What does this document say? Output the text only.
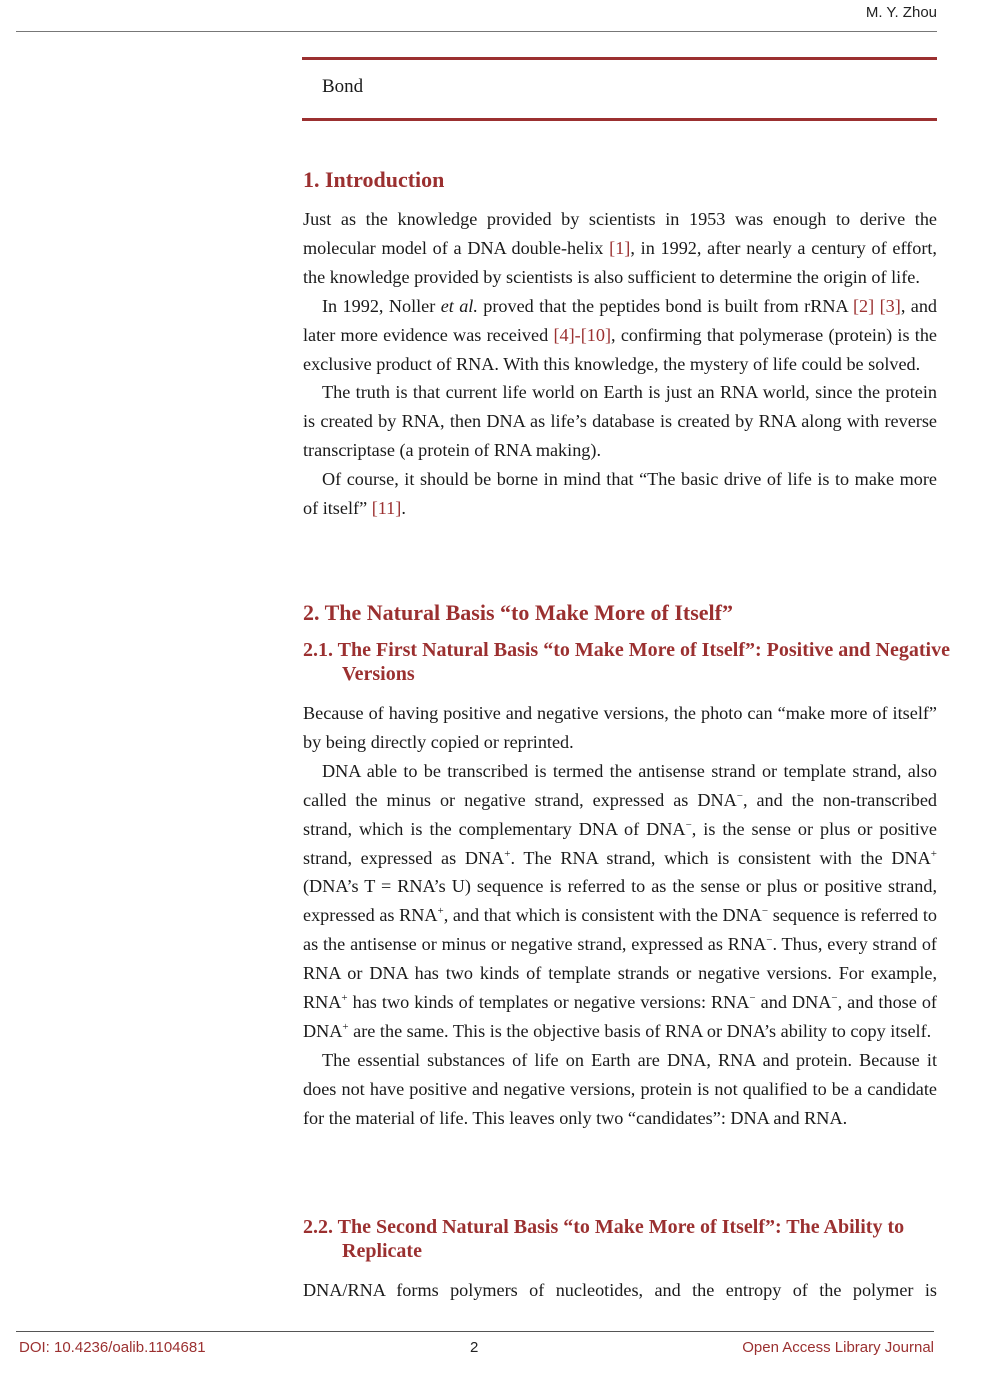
M. Y. Zhou
Bond
1. Introduction

Just as the knowledge provided by scientists in 1953 was enough to derive the molecular model of a DNA double-helix [1], in 1992, after nearly a century of effort, the knowledge provided by scientists is also sufficient to determine the origin of life.

In 1992, Noller et al. proved that the peptides bond is built from rRNA [2] [3], and later more evidence was received [4]-[10], confirming that polymerase (protein) is the exclusive product of RNA. With this knowledge, the mystery of life could be solved.

The truth is that current life world on Earth is just an RNA world, since the protein is created by RNA, then DNA as life’s database is created by RNA along with reverse transcriptase (a protein of RNA making).

Of course, it should be borne in mind that “The basic drive of life is to make more of itself” [11].

2. The Natural Basis “to Make More of Itself”
2.1. The First Natural Basis “to Make More of Itself”: Positive and Negative Versions

Because of having positive and negative versions, the photo can “make more of itself” by being directly copied or reprinted.

DNA able to be transcribed is termed the antisense strand or template strand, also called the minus or negative strand, expressed as DNA−, and the non-transcribed strand, which is the complementary DNA of DNA−, is the sense or plus or positive strand, expressed as DNA+. The RNA strand, which is consistent with the DNA+ (DNA’s T = RNA’s U) sequence is referred to as the sense or plus or positive strand, expressed as RNA+, and that which is consistent with the DNA− sequence is referred to as the antisense or minus or negative strand, expressed as RNA−. Thus, every strand of RNA or DNA has two kinds of template strands or negative versions. For example, RNA+ has two kinds of templates or negative versions: RNA− and DNA−, and those of DNA+ are the same. This is the objective basis of RNA or DNA’s ability to copy itself.

The essential substances of life on Earth are DNA, RNA and protein. Because it does not have positive and negative versions, protein is not qualified to be a candidate for the material of life. This leaves only two “candidates”: DNA and RNA.

2.2. The Second Natural Basis “to Make More of Itself”: The Ability to Replicate

DNA/RNA forms polymers of nucleotides, and the entropy of the polymer is

DOI: 10.4236/oalib.1104681	2	Open Access Library Journal
